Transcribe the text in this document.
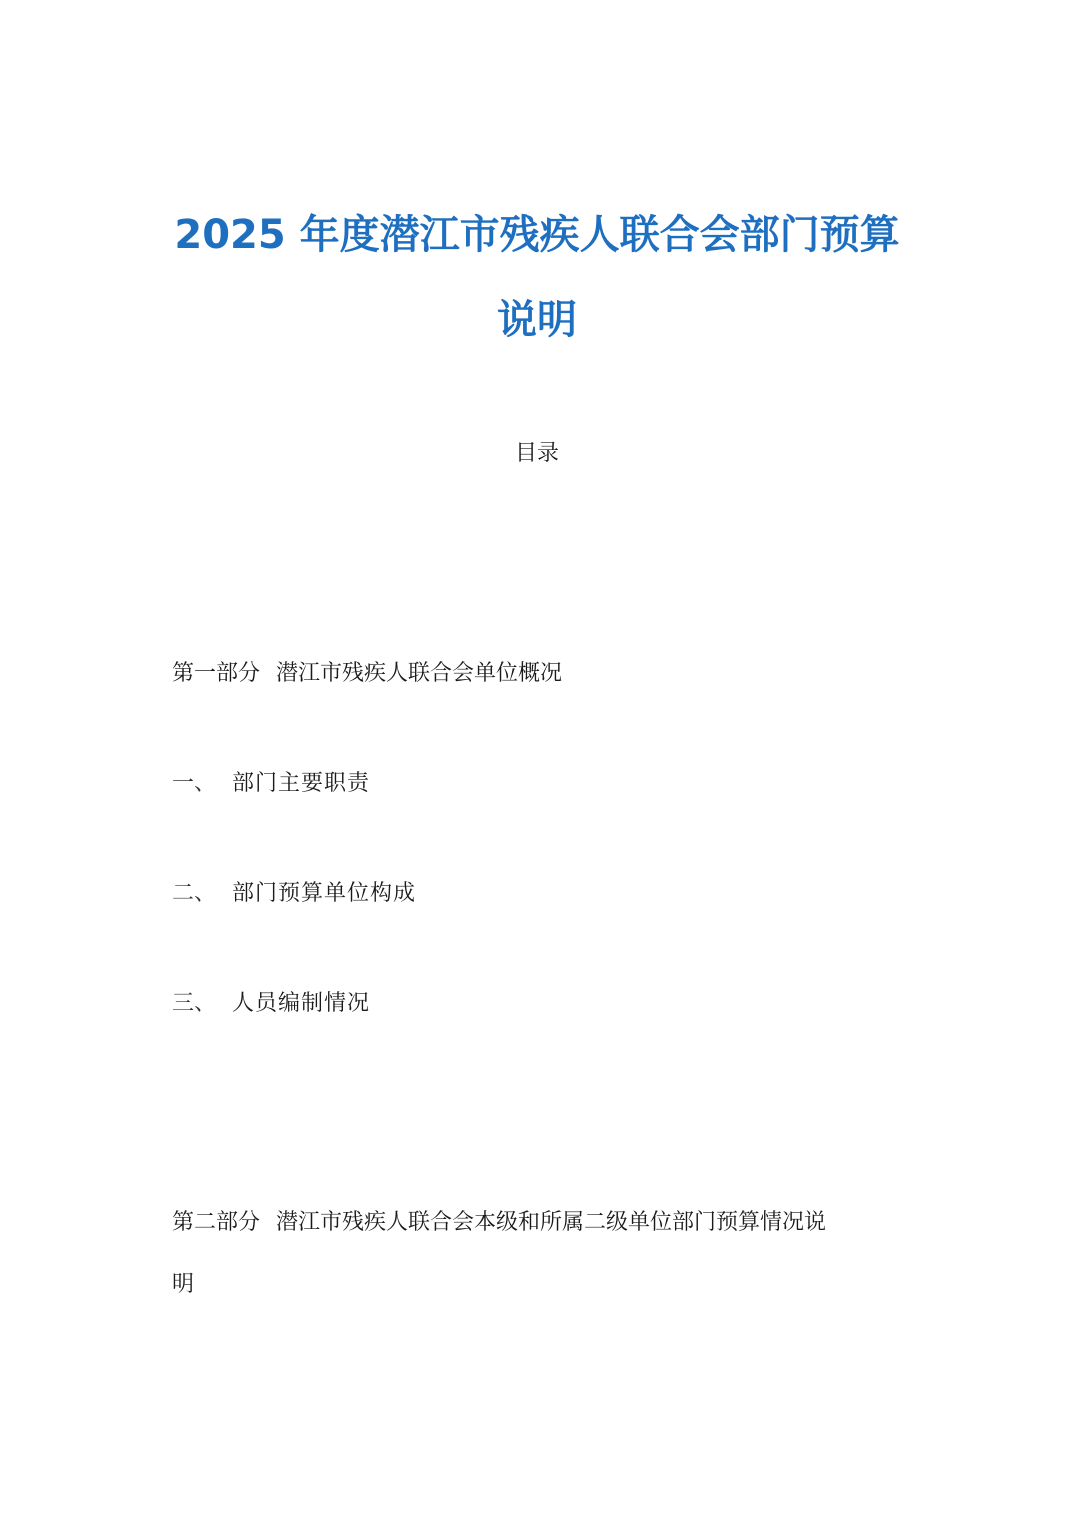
2025 年度潜江市残疾人联合会部门预算
说明
目录
第一部分 潜江市残疾人联合会单位概况
一、 部门主要职责
二、 部门预算单位构成
三、 人员编制情况
第二部分 潜江市残疾人联合会本级和所属二级单位部门预算情况说
明
